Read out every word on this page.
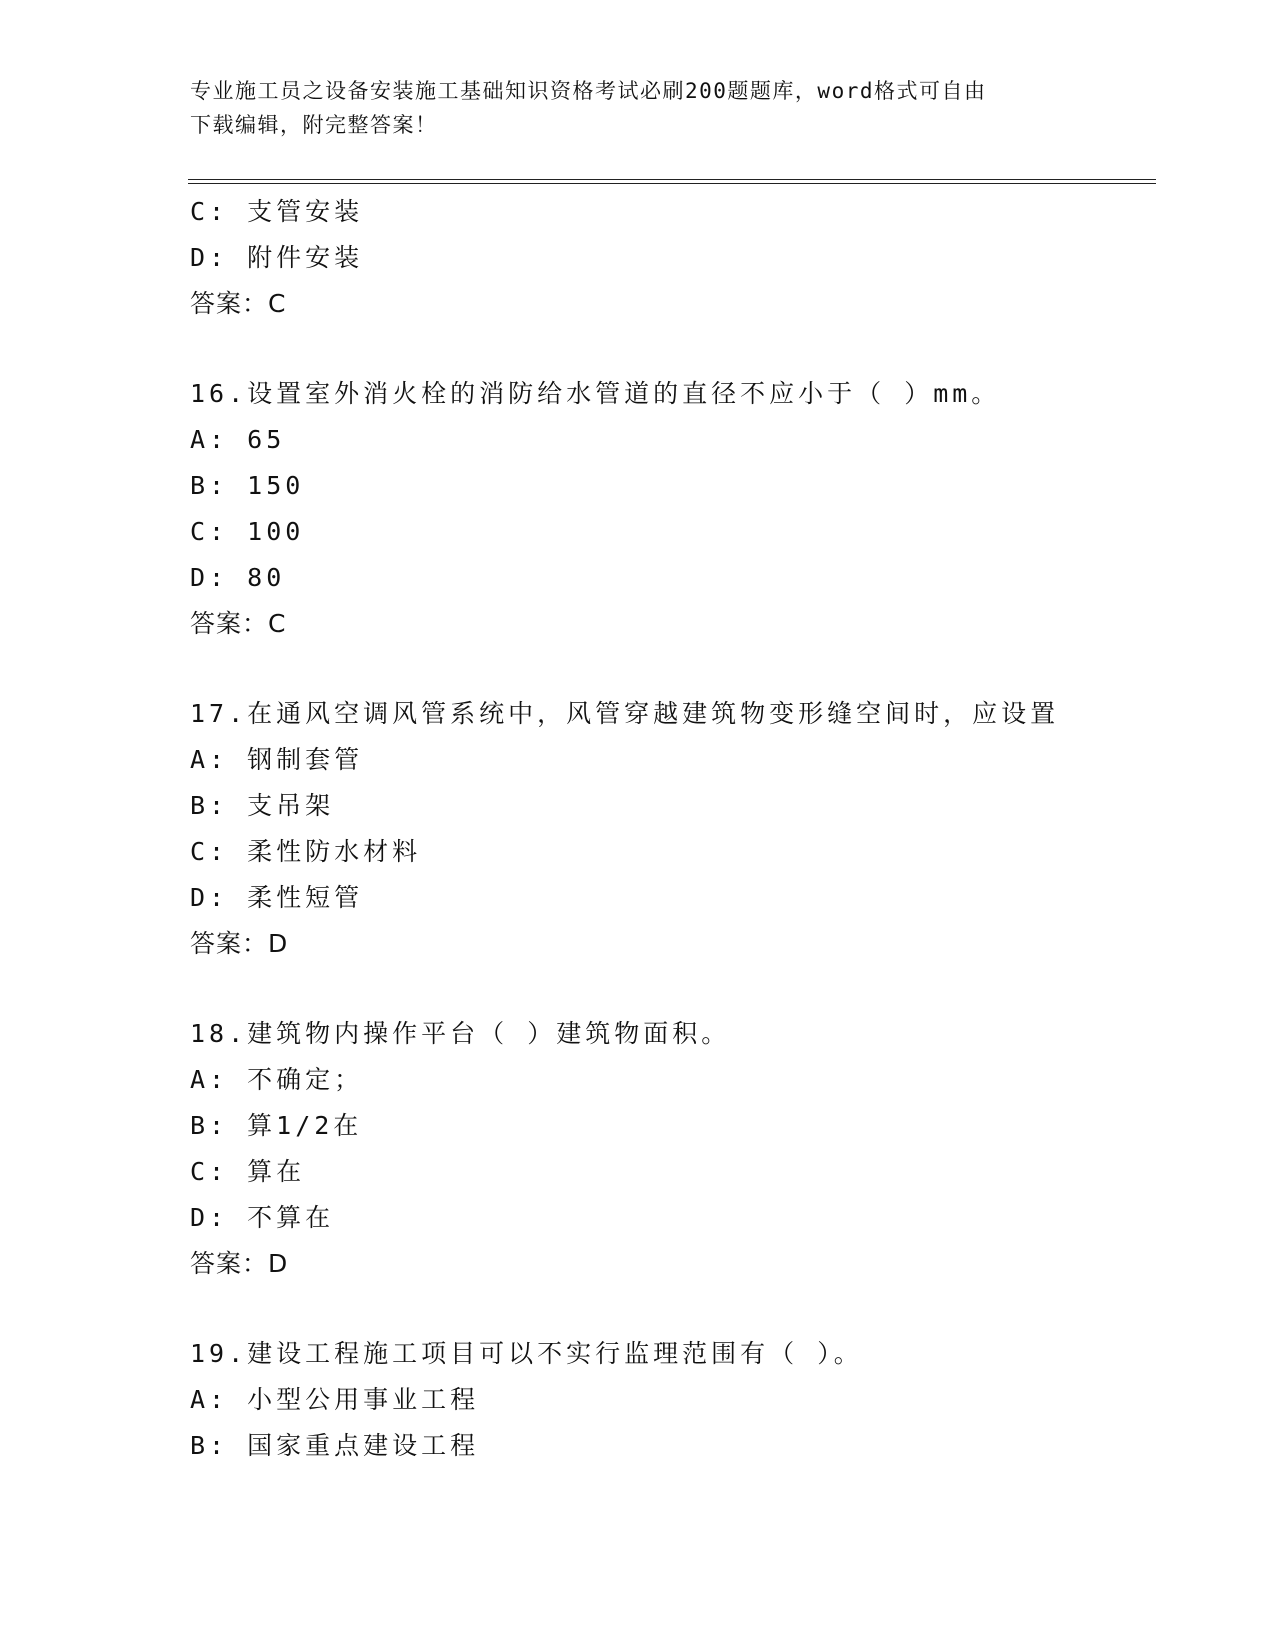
专业施工员之设备安装施工基础知识资格考试必刷200题题库，word格式可自由
下载编辑，附完整答案！
C: 支管安装
D: 附件安装
答案：C
16.设置室外消火栓的消防给水管道的直径不应小于（ ）mm。
A: 65
B: 150
C: 100
D: 80
答案：C
17.在通风空调风管系统中，风管穿越建筑物变形缝空间时，应设置
A: 钢制套管
B: 支吊架
C: 柔性防水材料
D: 柔性短管
答案：D
18.建筑物内操作平台（ ）建筑物面积。
A: 不确定；
B: 算1/2在
C: 算在
D: 不算在
答案：D
19.建设工程施工项目可以不实行监理范围有（ ）。
A: 小型公用事业工程
B: 国家重点建设工程
